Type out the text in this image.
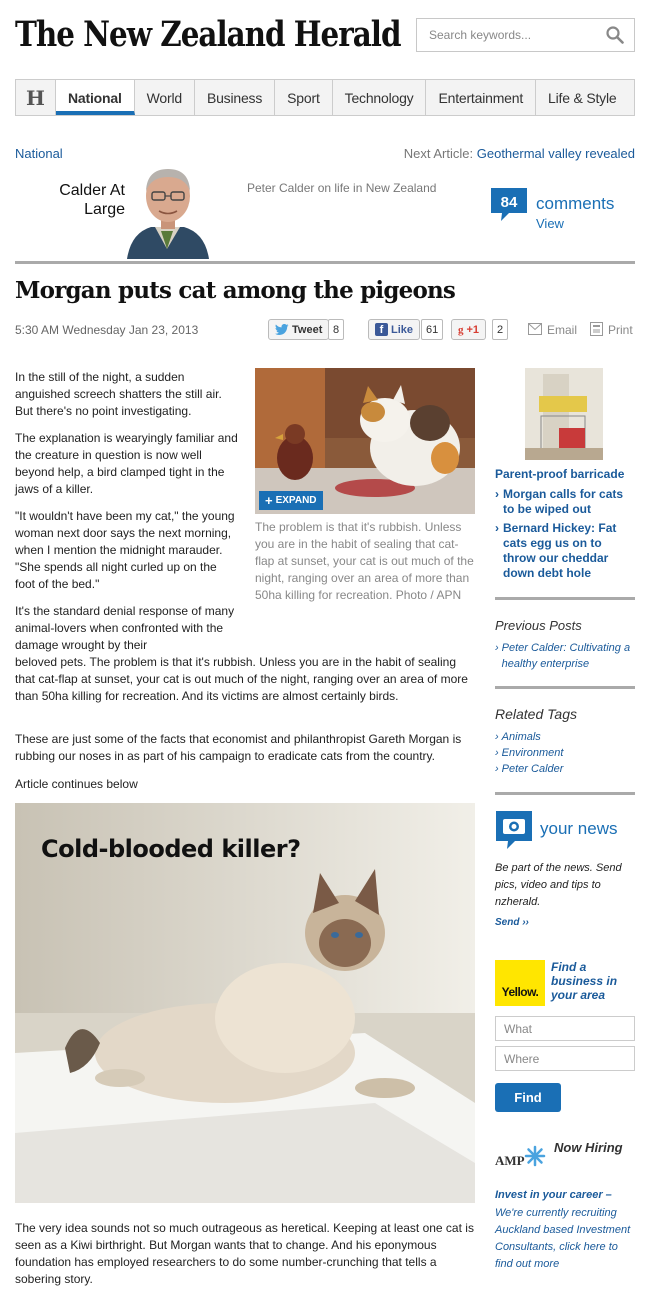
The New Zealand Herald
Search keywords...
H	National	World	Business	Sport	Technology	Entertainment	Life & Style
National	Next Article: Geothermal valley revealed
Calder At
Large
Peter Calder on life in New Zealand
84	comments
View
Morgan puts cat among the pigeons
5:30 AM Wednesday Jan 23, 2013	Tweet 8	f Like	61	g +1	2	Email	Print

In the still of the night, a sudden anguished screech shatters the still air. But there's no point investigating.

The explanation is wearyingly familiar and the creature in question is now well beyond help, a bird clamped tight in the jaws of a killer.

"It wouldn't have been my cat," the young woman next door says the next morning, when I mention the midnight marauder. "She spends all night curled up on the foot of the bed."

It's the standard denial response of many animal-lovers when confronted with the damage wrought by their

beloved pets. The problem is that it's rubbish. Unless you are in the habit of sealing that cat-flap at sunset, your cat is out much of the night, ranging over an area of more than 50ha killing for recreation. And its victims are almost certainly birds.

These are just some of the facts that economist and philanthropist Gareth Morgan is rubbing our noses in as part of his campaign to eradicate cats from the country.

Article continues below

+ EXPAND
The problem is that it's rubbish. Unless you are in the habit of sealing that cat-flap at sunset, your cat is out much of the night, ranging over an area of more than 50ha killing for recreation. Photo / APN
Cold-blooded killer?

The very idea sounds not so much outrageous as heretical. Keeping at least one cat is seen as a Kiwi birthright. But Morgan wants that to change. And his eponymous foundation has employed researchers to do some number-crunching that tells a sobering story.

Parent-proof barricade
› Morgan calls for cats to be wiped out
› Bernard Hickey: Fat cats egg us on to throw our cheddar down debt hole
Previous Posts
› Peter Calder: Cultivating a healthy enterprise
Related Tags
› Animals
› Environment
› Peter Calder
your news
Be part of the news. Send pics, video and tips to nzherald.
Send ››
Yellow.
Find a business in your area
What
Where
Find
AMP
Now Hiring
Invest in your career –
We're currently recruiting Auckland based Investment Consultants, click here to find out more
